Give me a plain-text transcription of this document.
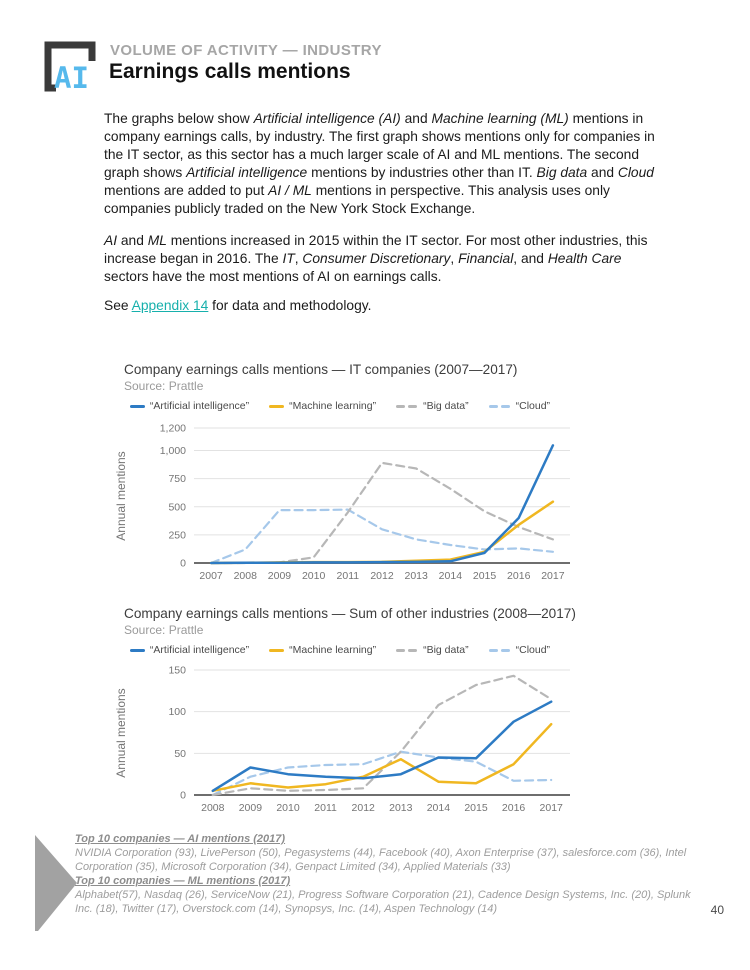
AI
VOLUME OF ACTIVITY — INDUSTRY
Earnings calls mentions

The graphs below show Artificial intelligence (AI) and Machine learning (ML) mentions in company earnings calls, by industry. The first graph shows mentions only for companies in the IT sector, as this sector has a much larger scale of AI and ML mentions. The second graph shows Artificial intelligence mentions by industries other than IT. Big data and Cloud mentions are added to put AI / ML mentions in perspective. This analysis uses only companies publicly traded on the New York Stock Exchange.

AI and ML mentions increased in 2015 within the IT sector. For most other industries, this increase began in 2016. The IT, Consumer Discretionary, Financial, and Health Care sectors have the most mentions of AI on earnings calls.

See Appendix 14 for data and methodology.

Company earnings calls mentions — IT companies (2007—2017)
Source: Prattle
“Artificial intelligence”	“Machine learning”	“Big data”	“Cloud”
Annual mentions
0
250
500
750
1,000
1,200
2007 2008 2009 2010 2011 2012 2013 2014 2015 2016 2017
Company earnings calls mentions — Sum of other industries (2008—2017)
Source: Prattle
“Artificial intelligence”	“Machine learning”	“Big data”	“Cloud”
Annual mentions
0
50
100
150
2008 2009 2010 2011 2012 2013 2014 2015 2016 2017

Top 10 companies — AI mentions (2017)

NVIDIA Corporation (93), LivePerson (50), Pegasystems (44), Facebook (40), Axon Enterprise (37), salesforce.com (36), Intel Corporation (35), Microsoft Corporation (34), Genpact Limited (34), Applied Materials (33)

Top 10 companies — ML mentions (2017)

Alphabet(57), Nasdaq (26), ServiceNow (21), Progress Software Corporation (21), Cadence Design Systems, Inc. (20), Splunk Inc. (18), Twitter (17), Overstock.com (14), Synopsys, Inc. (14), Aspen Technology (14)	40
